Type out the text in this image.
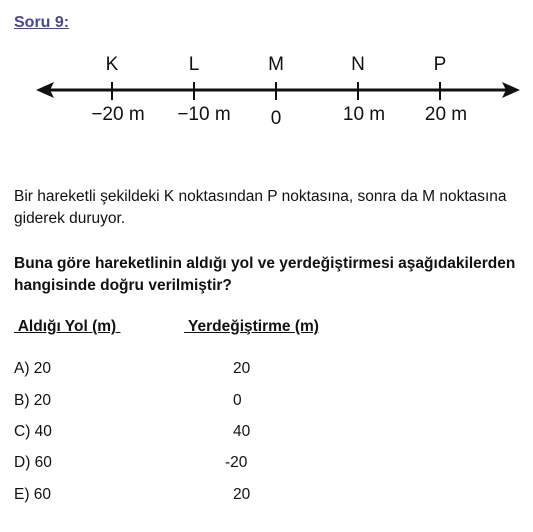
Soru 9:
K	L	M	N	P
−20 m −10 m 0	10 m 20 m
Bir hareketli şekildeki K noktasından P noktasına, sonra da M noktasına giderek duruyor.
Buna göre hareketlinin aldığı yol ve yerdeğiştirmesi aşağıdakilerden hangisinde doğru verilmiştir?
Aldığı Yol (m)	Yerdeğiştirme (m)
A) 20	20
B) 20	0
C) 40	40
D) 60	-20
E) 60	20
